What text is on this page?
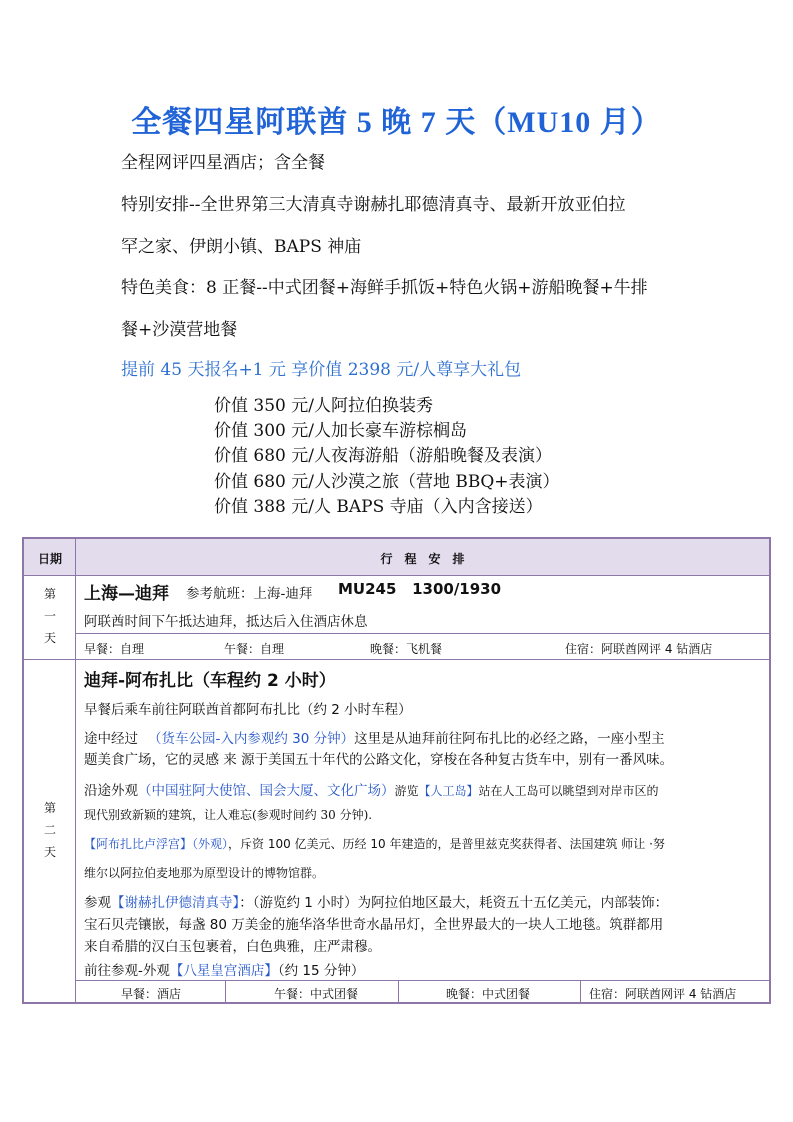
全餐四星阿联酋 5 晚 7 天（MU10 月）
全程网评四星酒店；含全餐
特别安排--全世界第三大清真寺谢赫扎耶德清真寺、最新开放亚伯拉
罕之家、伊朗小镇、BAPS 神庙
特色美食：8 正餐--中式团餐+海鲜手抓饭+特色火锅+游船晚餐+牛排
餐+沙漠营地餐
提前 45 天报名+1 元 享价值 2398 元/人尊享大礼包
价值 350 元/人阿拉伯换装秀
价值 300 元/人加长豪车游棕榈岛
价值 680 元/人夜海游船（游船晚餐及表演）
价值 680 元/人沙漠之旅（营地 BBQ+表演）
价值 388 元/人 BAPS 寺庙（入内含接送）
日期	行　程　安　排
第
一
天
上海—迪拜 参考航班：上海-迪拜 MU245   1300/1930
阿联酋时间下午抵达迪拜，抵达后入住酒店休息
早餐：自理	午餐：自理	晚餐：飞机餐	住宿：阿联酋网评 4 钻酒店
第
二
天
迪拜-阿布扎比（车程约 2 小时）
早餐后乘车前往阿联酋首都阿布扎比（约 2 小时车程）
途中经过 （货车公园-入内参观约 30 分钟）这里是从迪拜前往阿布扎比的必经之路，一座小型主
题美食广场，它的灵感 来 源于美国五十年代的公路文化，穿梭在各种复古货车中，别有一番风味。
沿途外观（中国驻阿大使馆、国会大厦、文化广场）游览【人工岛】站在人工岛可以眺望到对岸市区的
现代别致新颖的建筑，让人难忘(参观时间约 30 分钟).
【阿布扎比卢浮宫】（外观），斥资 100 亿美元、历经 10 年建造的，是普里兹克奖获得者、法国建筑 师让 ·努
维尔以阿拉伯麦地那为原型设计的博物馆群。
参观【谢赫扎伊德清真寺】：（游览约 1 小时）为阿拉伯地区最大，耗资五十五亿美元，内部装饰：
宝石贝壳镶嵌，每盏 80 万美金的施华洛华世奇水晶吊灯，全世界最大的一块人工地毯。筑群都用
来自希腊的汉白玉包裹着，白色典雅，庄严肃穆。
前往参观-外观【八星皇宫酒店】（约 15 分钟）
早餐：酒店	午餐：中式团餐	晚餐：中式团餐	住宿：阿联酋网评 4 钻酒店
